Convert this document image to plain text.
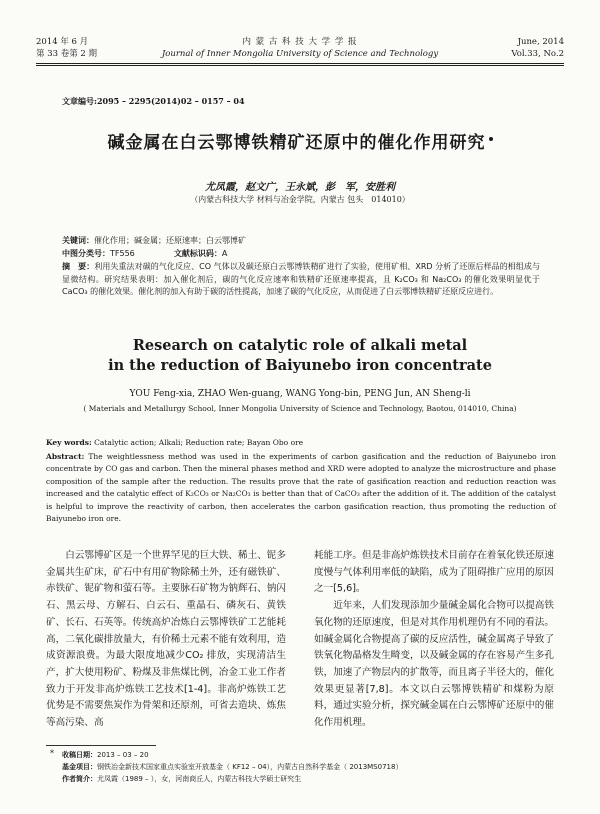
2014 年 6 月
第 33 卷第 2 期
内 蒙 古 科 技 大 学 学 报
Journal of Inner Mongolia University of Science and Technology
June, 2014
Vol.33, No.2
文章编号:2095 – 2295(2014)02 – 0157 – 04
碱金属在白云鄂博铁精矿还原中的催化作用研究
尤凤霞，赵文广，王永斌，彭　军，安胜利
（内蒙古科技大学 材料与冶金学院，内蒙古 包头　014010）
关键词：催化作用；碱金属；还原速率；白云鄂博矿
中图分类号：TF556	文献标识码：A
摘　要：利用失重法对碳的气化反应、CO 气体以及碳还原白云鄂博铁精矿进行了实验，使用矿相、XRD 分析了还原后样品的相组成与显微结构。研究结果表明：加入催化剂后，碳的气化反应速率和铁精矿还原速率提高，且 K₂CO₃ 和 Na₂CO₃ 的催化效果明显优于 CaCO₃ 的催化效果。催化剂的加入有助于碳的活性提高，加速了碳的气化反应，从而促进了白云鄂博铁精矿还原反应进行。
Research on catalytic role of alkali metal
in the reduction of Baiyunebo iron concentrate
YOU Feng-xia, ZHAO Wen-guang, WANG Yong-bin, PENG Jun, AN Sheng-li
( Materials and Metallurgy School, Inner Mongolia University of Science and Technology, Baotou, 014010, China)
Key words: Catalytic action; Alkali; Reduction rate; Bayan Obo ore
Abstract: The weightlessness method was used in the experiments of carbon gasification and the reduction of Baiyunebo iron concentrate by CO gas and carbon. Then the mineral phases method and XRD were adopted to analyze the microstructure and phase composition of the sample after the reduction. The results prove that the rate of gasification reaction and reduction reaction was increased and the catalytic effect of K₂CO₃ or Na₂CO₃ is better than that of CaCO₃ after the addition of it. The addition of the catalyst is helpful to improve the reactivity of carbon, then accelerates the carbon gasification reaction, thus promoting the reduction of Baiyunebo iron ore.

白云鄂博矿区是一个世界罕见的巨大铁、稀土、铌多金属共生矿床，矿石中有用矿物除稀土外，还有磁铁矿、赤铁矿、铌矿物和萤石等。主要脉石矿物为钠辉石、钠闪石、黑云母、方解石、白云石、重晶石、磷灰石、黄铁矿、长石、石英等。传统高炉冶炼白云鄂博铁矿工艺能耗高，二氧化碳排放量大，有价稀土元素不能有效利用，造成资源浪费。为最大限度地减少CO₂ 排放，实现清洁生产，扩大使用粉矿、粉煤及非焦煤比例，冶金工业工作者致力于开发非高炉炼铁工艺技术[1-4]。非高炉炼铁工艺优势是不需要焦炭作为骨架和还原剂，可省去造块、炼焦等高污染、高

耗能工序。但是非高炉炼铁技术目前存在着氧化铁还原速度慢与气体利用率低的缺陷，成为了阻碍推广应用的原因之一[5,6]。

近年来，人们发现添加少量碱金属化合物可以提高铁氧化物的还原速度，但是对其作用机理仍有不同的看法。如碱金属化合物提高了碳的反应活性，碱金属离子导致了铁氧化物晶格发生畸变，以及碱金属的存在容易产生多孔铁，加速了产物层内的扩散等，而且离子半径大的，催化效果更显著[7,8]。本文以白云鄂博铁精矿和煤粉为原料，通过实验分析，探究碱金属在白云鄂博矿还原中的催化作用机理。

* 收稿日期：2013 – 03 – 20
基金项目：钢铁冶金新技术国家重点实验室开放基金（ KF12 – 04），内蒙古自然科学基金（ 2013MS0718）
作者简介：尤凤霞（1989 – ），女，河南商丘人，内蒙古科技大学硕士研究生
